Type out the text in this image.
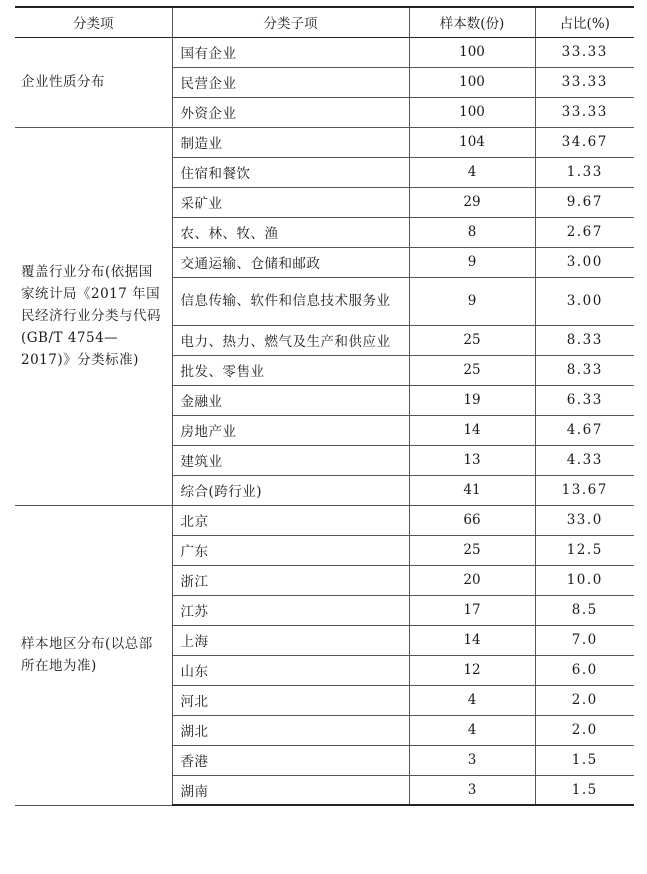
分类项	分类子项	样本数(份)	占比(%)
企业性质分布	国有企业	100	33.33
	民营企业	100	33.33
	外资企业	100	33.33
覆盖行业分布(依据国家统计局《2017 年国民经济行业分类与代码(GB/T 4754—2017)》分类标准)	制造业	104	34.67
	住宿和餐饮	4	1.33
	采矿业	29	9.67
	农、林、牧、渔	8	2.67
	交通运输、仓储和邮政	9	3.00
	信息传输、软件和信息技术服务业	9	3.00
	电力、热力、燃气及生产和供应业	25	8.33
	批发、零售业	25	8.33
	金融业	19	6.33
	房地产业	14	4.67
	建筑业	13	4.33
	综合(跨行业)	41	13.67
样本地区分布(以总部所在地为准)	北京	66	33.0
	广东	25	12.5
	浙江	20	10.0
	江苏	17	8.5
	上海	14	7.0
	山东	12	6.0
	河北	4	2.0
	湖北	4	2.0
	香港	3	1.5
	湖南	3	1.5
